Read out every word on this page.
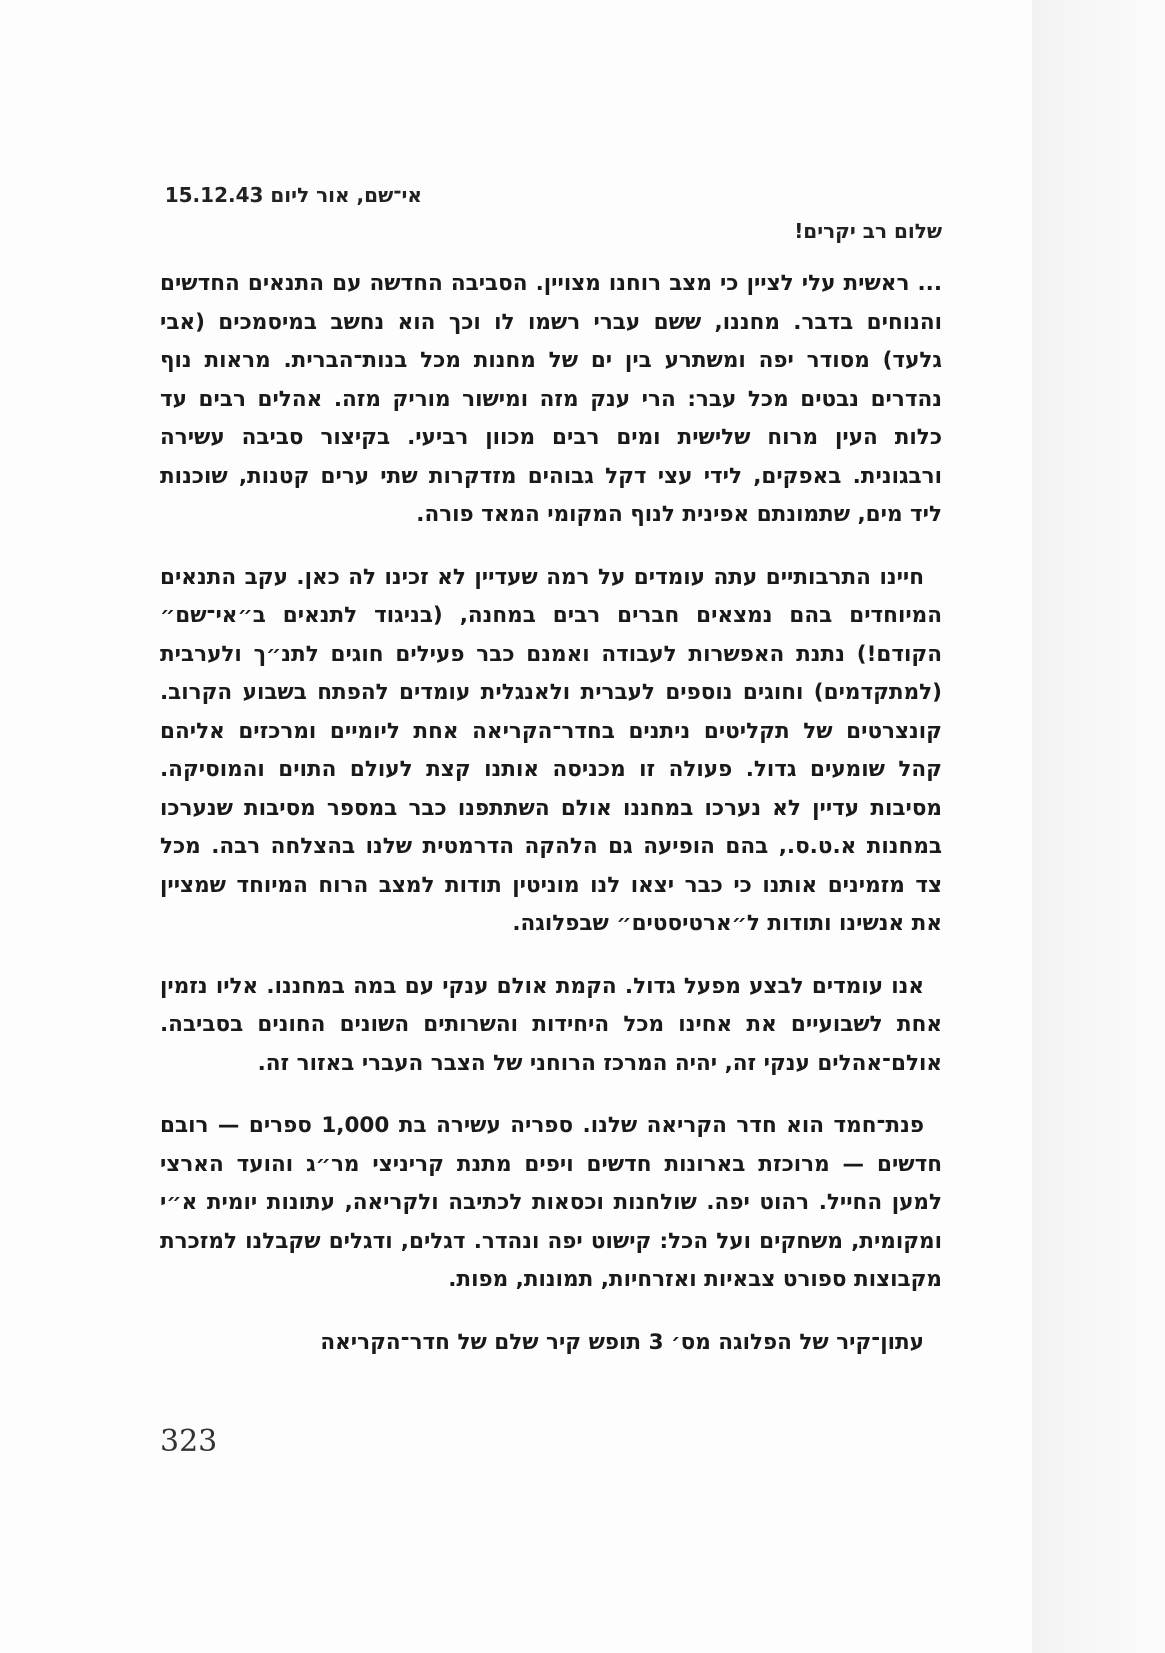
אי־שם, אור ליום 15.12.43
שלום רב יקרים!

... ראשית עלי לציין כי מצב רוחנו מצויין. הסביבה החדשה עם התנאים החדשים והנוחים בדבר. מחננו, ששם עברי רשמו לו וכך הוא נחשב במיסמכים (אבי גלעד) מסודר יפה ומשתרע בין ים של מחנות מכל בנות־הברית. מראות נוף נהדרים נבטים מכל עבר: הרי ענק מזה ומישור מוריק מזה. אהלים רבים עד כלות העין מרוח שלישית ומים רבים מכוון רביעי. בקיצור סביבה עשירה ורבגונית. באפקים, לידי עצי דקל גבוהים מזדקרות שתי ערים קטנות, שוכנות ליד מים, שתמונתם אפינית לנוף המקומי המאד פורה.

חיינו התרבותיים עתה עומדים על רמה שעדיין לא זכינו לה כאן. עקב התנאים המיוחדים בהם נמצאים חברים רבים במחנה, (בניגוד לתנאים ב״אי־שם״ הקודם!) נתנת האפשרות לעבודה ואמנם כבר פעילים חוגים לתנ״ך ולערבית (למתקדמים) וחוגים נוספים לעברית ולאנגלית עומדים להפתח בשבוע הקרוב. קונצרטים של תקליטים ניתנים בחדר־הקריאה אחת ליומיים ומרכזים אליהם קהל שומעים גדול. פעולה זו מכניסה אותנו קצת לעולם התוים והמוסיקה. מסיבות עדיין לא נערכו במחננו אולם השתתפנו כבר במספר מסיבות שנערכו במחנות א.ט.ס., בהם הופיעה גם הלהקה הדרמטית שלנו בהצלחה רבה. מכל צד מזמינים אותנו כי כבר יצאו לנו מוניטין תודות למצב הרוח המיוחד שמציין את אנשינו ותודות ל״ארטיסטים״ שבפלוגה.

אנו עומדים לבצע מפעל גדול. הקמת אולם ענקי עם במה במחננו. אליו נזמין אחת לשבועיים את אחינו מכל היחידות והשרותים השונים החונים בסביבה. אולם־אהלים ענקי זה, יהיה המרכז הרוחני של הצבר העברי באזור זה.

פנת־חמד הוא חדר הקריאה שלנו. ספריה עשירה בת 1,000 ספרים — רובם חדשים — מרוכזת בארונות חדשים ויפים מתנת קריניצי מר״ג והועד הארצי למען החייל. רהוט יפה. שולחנות וכסאות לכתיבה ולקריאה, עתונות יומית א״י ומקומית, משחקים ועל הכל: קישוט יפה ונהדר. דגלים, ודגלים שקבלנו למזכרת מקבוצות ספורט צבאיות ואזרחיות, תמונות, מפות.

עתון־קיר של הפלוגה מס׳ 3 תופש קיר שלם של חדר־הקריאה

323
